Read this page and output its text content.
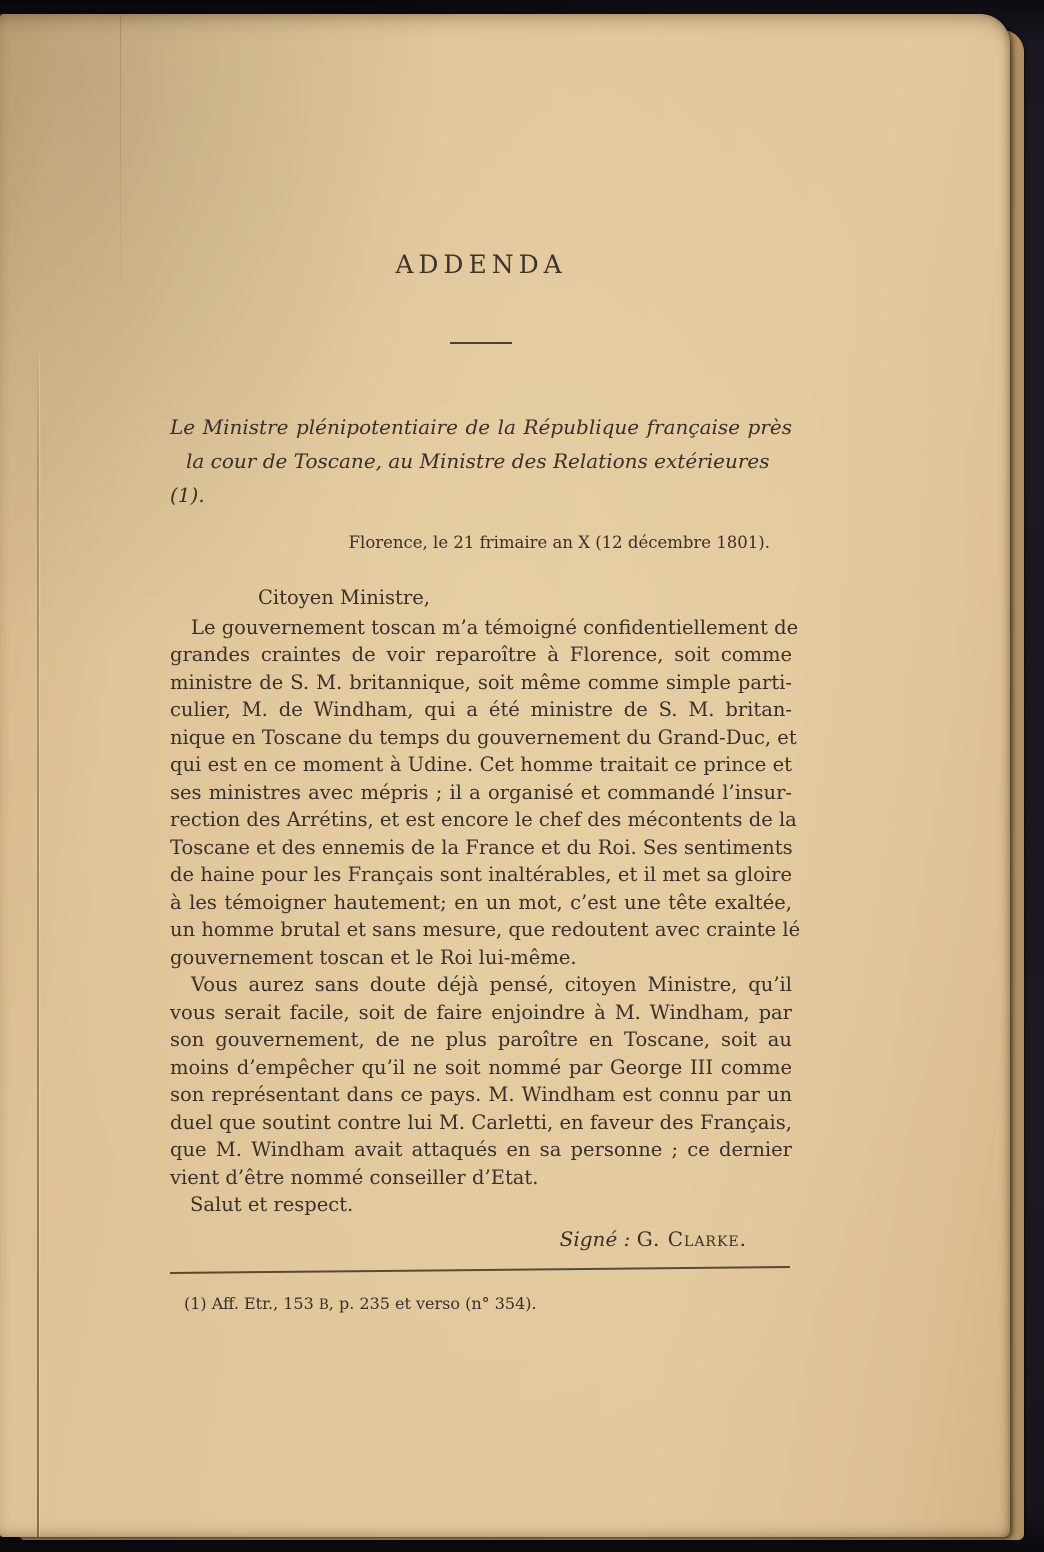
ADDENDA
Le Ministre plénipotentiaire de la République française près
la cour de Toscane, au Ministre des Relations extérieures (1).
Florence, le 21 frimaire an X (12 décembre 1801).
Citoyen Ministre,
Le gouvernement toscan m’a témoigné confidentiellement de
grandes craintes de voir reparoître à Florence, soit comme
ministre de S. M. britannique, soit même comme simple parti-
culier, M. de Windham, qui a été ministre de S. M. britan-
nique en Toscane du temps du gouvernement du Grand-Duc, et
qui est en ce moment à Udine. Cet homme traitait ce prince et
ses ministres avec mépris ; il a organisé et commandé l’insur-
rection des Arrétins, et est encore le chef des mécontents de la
Toscane et des ennemis de la France et du Roi. Ses sentiments
de haine pour les Français sont inaltérables, et il met sa gloire
à les témoigner hautement; en un mot, c’est une tête exaltée,
un homme brutal et sans mesure, que redoutent avec crainte lé
gouvernement toscan et le Roi lui-même.
Vous aurez sans doute déjà pensé, citoyen Ministre, qu’il
vous serait facile, soit de faire enjoindre à M. Windham, par
son gouvernement, de ne plus paroître en Toscane, soit au
moins d’empêcher qu’il ne soit nommé par George III comme
son représentant dans ce pays. M. Windham est connu par un
duel que soutint contre lui M. Carletti, en faveur des Français,
que M. Windham avait attaqués en sa personne ; ce dernier
vient d’être nommé conseiller d’Etat.
Salut et respect.
Signé : G. Clarke.
(1) Aff. Etr., 153 B, p. 235 et verso (n° 354).
